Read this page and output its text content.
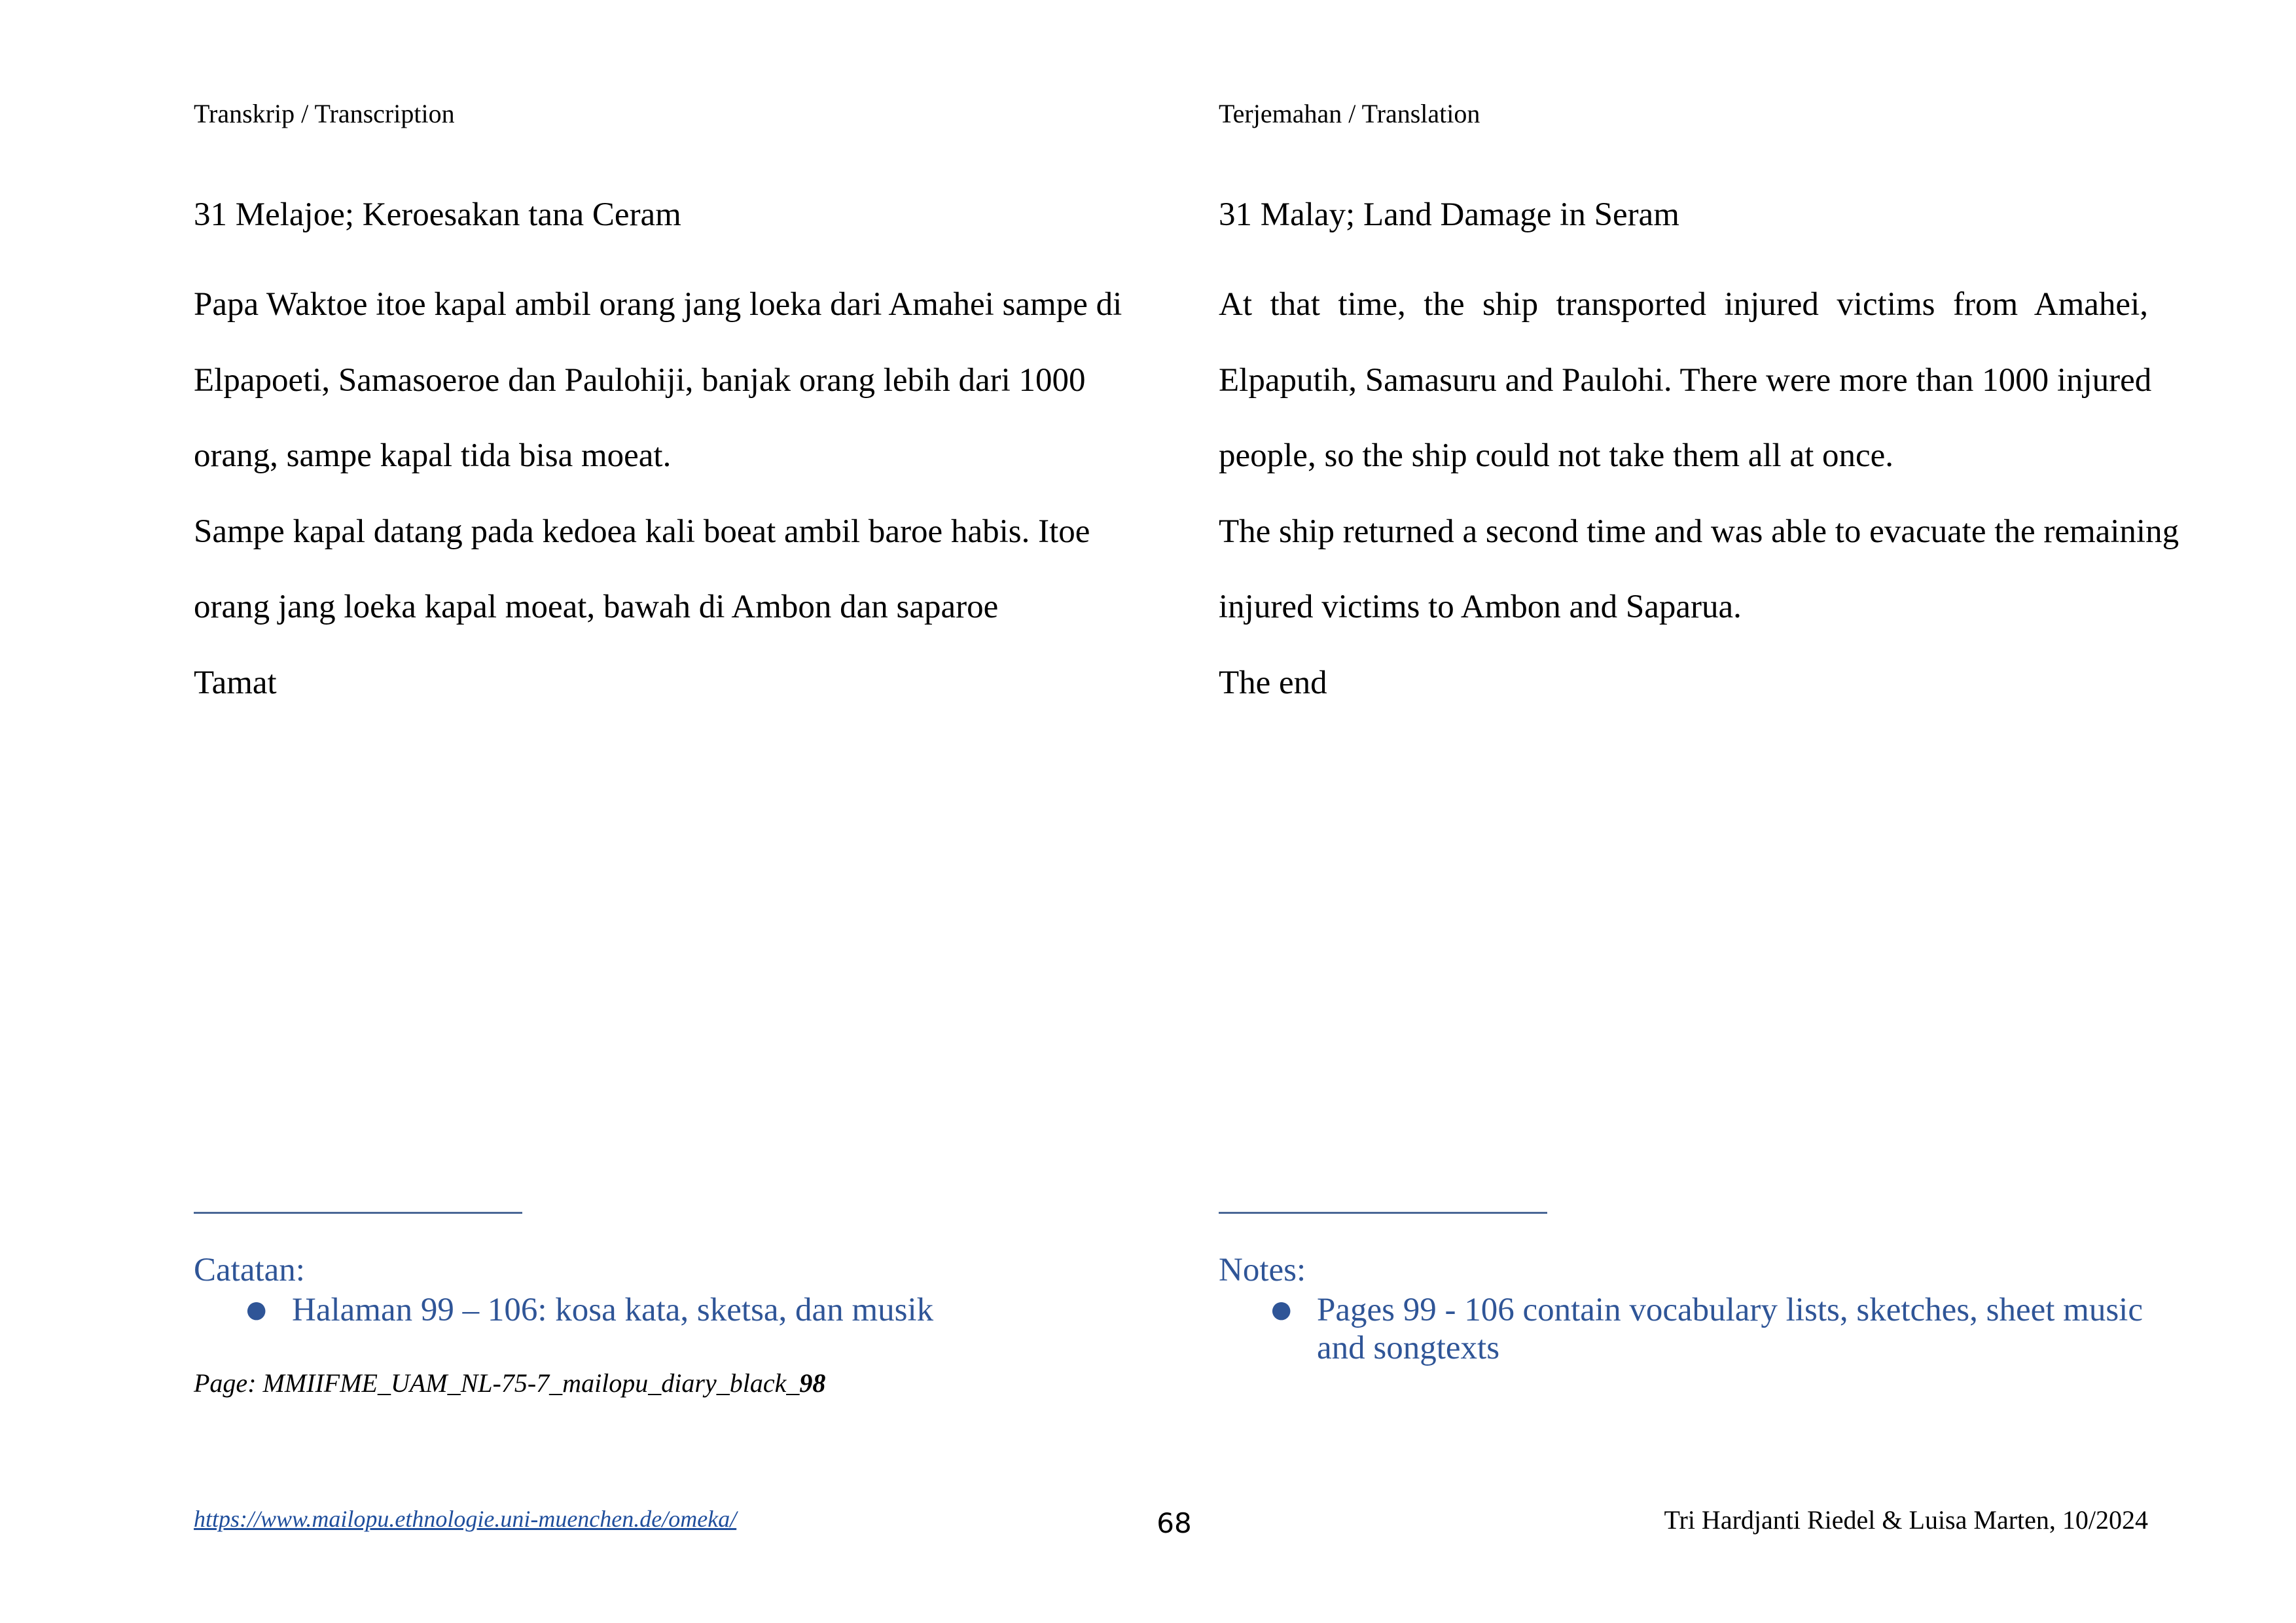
Transkrip / Transcription
31 Melajoe; Keroesakan tana Ceram
Papa Waktoe itoe kapal ambil orang jang loeka dari Amahei sampe di
Elpapoeti, Samasoeroe dan Paulohiji, banjak orang lebih dari 1000
orang, sampe kapal tida bisa moeat.
Sampe kapal datang pada kedoea kali boeat ambil baroe habis. Itoe
orang jang loeka kapal moeat, bawah di Ambon dan saparoe
Tamat
Catatan:
● Halaman 99 – 106: kosa kata, sketsa, dan musik
Page: MMIIFME_UAM_NL-75-7_mailopu_diary_black_98
Terjemahan / Translation
31 Malay; Land Damage in Seram
At that time, the ship transported injured victims from Amahei,
Elpaputih, Samasuru and Paulohi. There were more than 1000 injured
people, so the ship could not take them all at once.
The ship returned a second time and was able to evacuate the remaining
injured victims to Ambon and Saparua.
The end
Notes:
● Pages 99 - 106 contain vocabulary lists, sketches, sheet music and songtexts
https://www.mailopu.ethnologie.uni-muenchen.de/omeka/	68	Tri Hardjanti Riedel & Luisa Marten, 10/2024
